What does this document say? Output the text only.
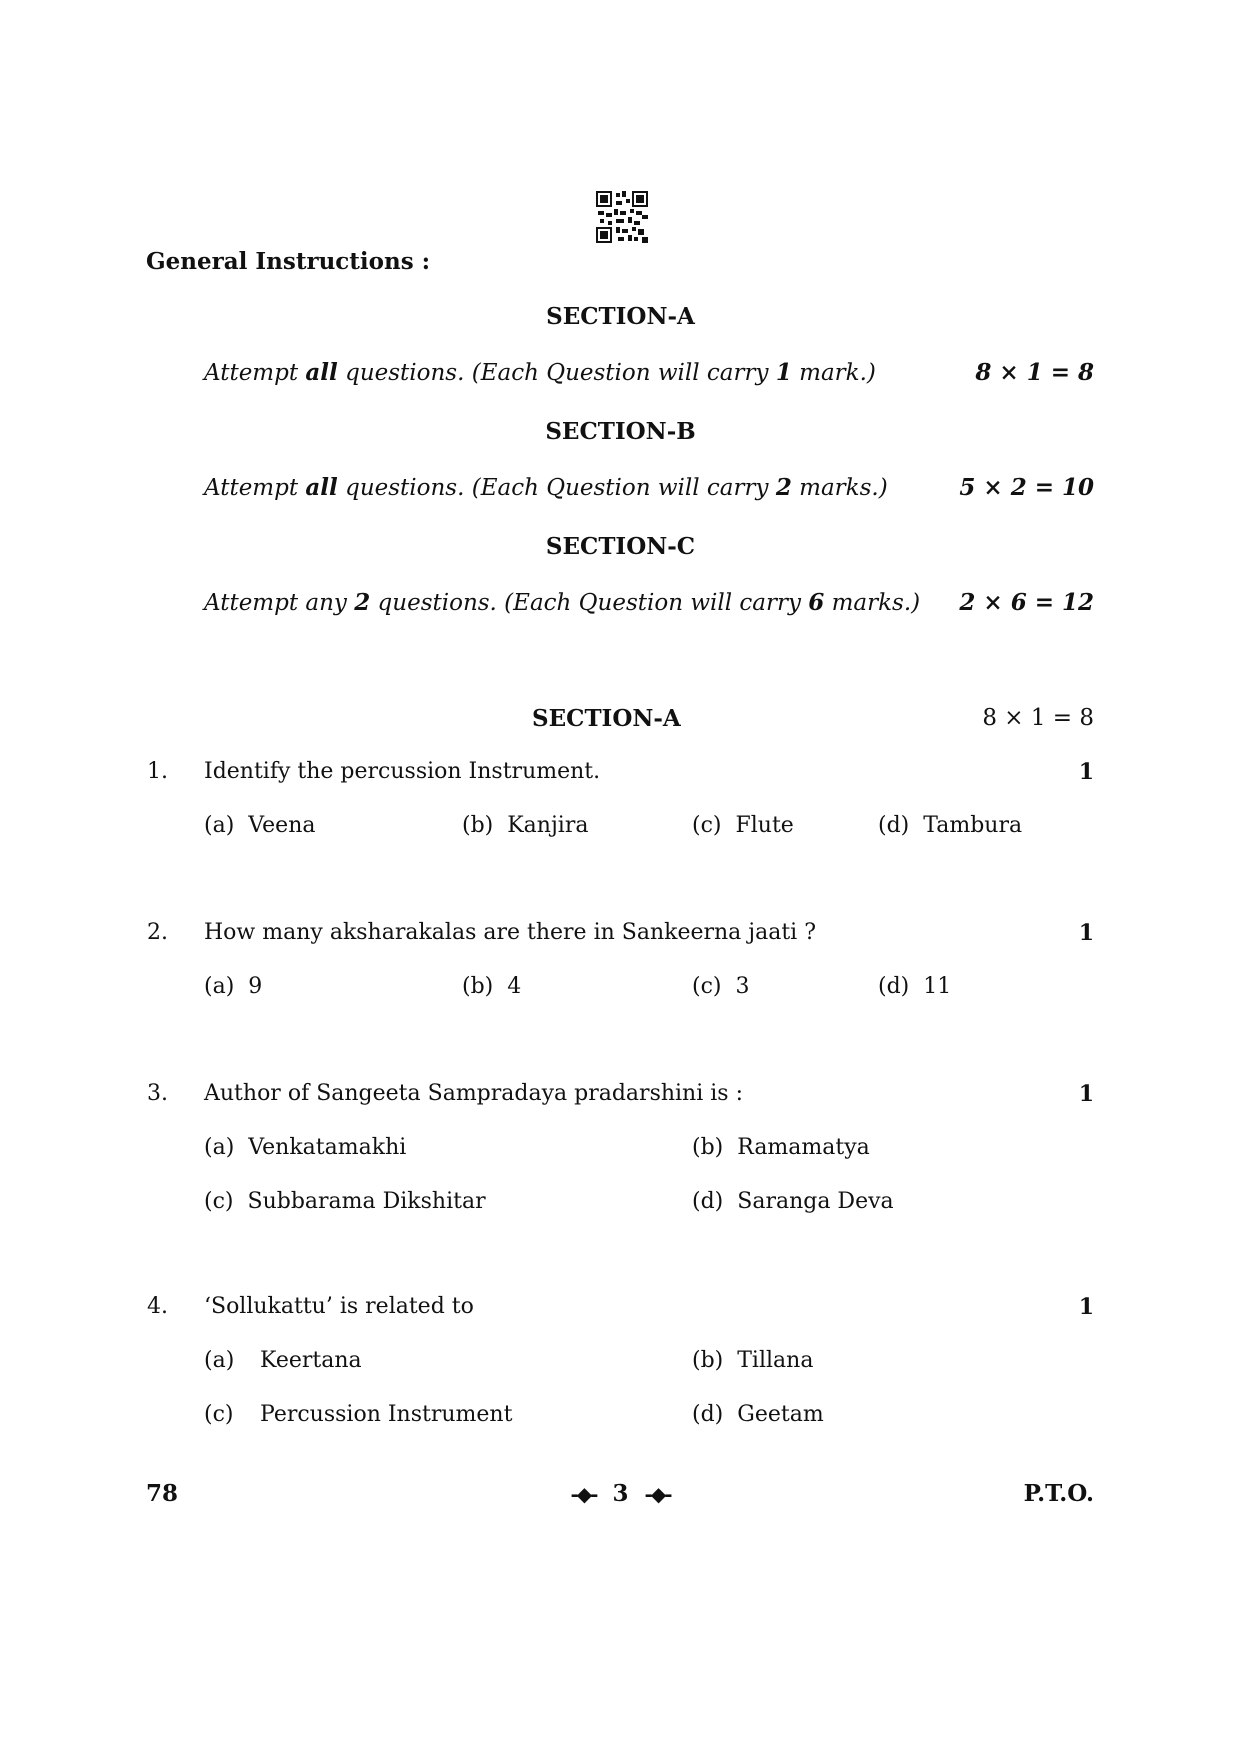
General Instructions :
SECTION-A
Attempt all questions. (Each Question will carry 1 mark.)	8 × 1 = 8
SECTION-B
Attempt all questions. (Each Question will carry 2 marks.)	5 × 2 = 10
SECTION-C
Attempt any 2 questions. (Each Question will carry 6 marks.) 2 × 6 = 12
SECTION-A	8 × 1 = 8
1. Identify the percussion Instrument.	1
(a) Veena	(b) Kanjira	(c) Flute	(d) Tambura
2. How many aksharakalas are there in Sankeerna jaati ?	1
(a) 9	(b) 4	(c) 3	(d) 11
3. Author of Sangeeta Sampradaya pradarshini is :	1
(a) Venkatamakhi	(b) Ramamatya
(c) Subbarama Dikshitar	(d) Saranga Deva
4. ‘Sollukattu’ is related to	1
(a) Keertana	(b) Tillana
(c) Percussion Instrument	(d) Geetam
78	-◆- 3 -◆-	P.T.O.
